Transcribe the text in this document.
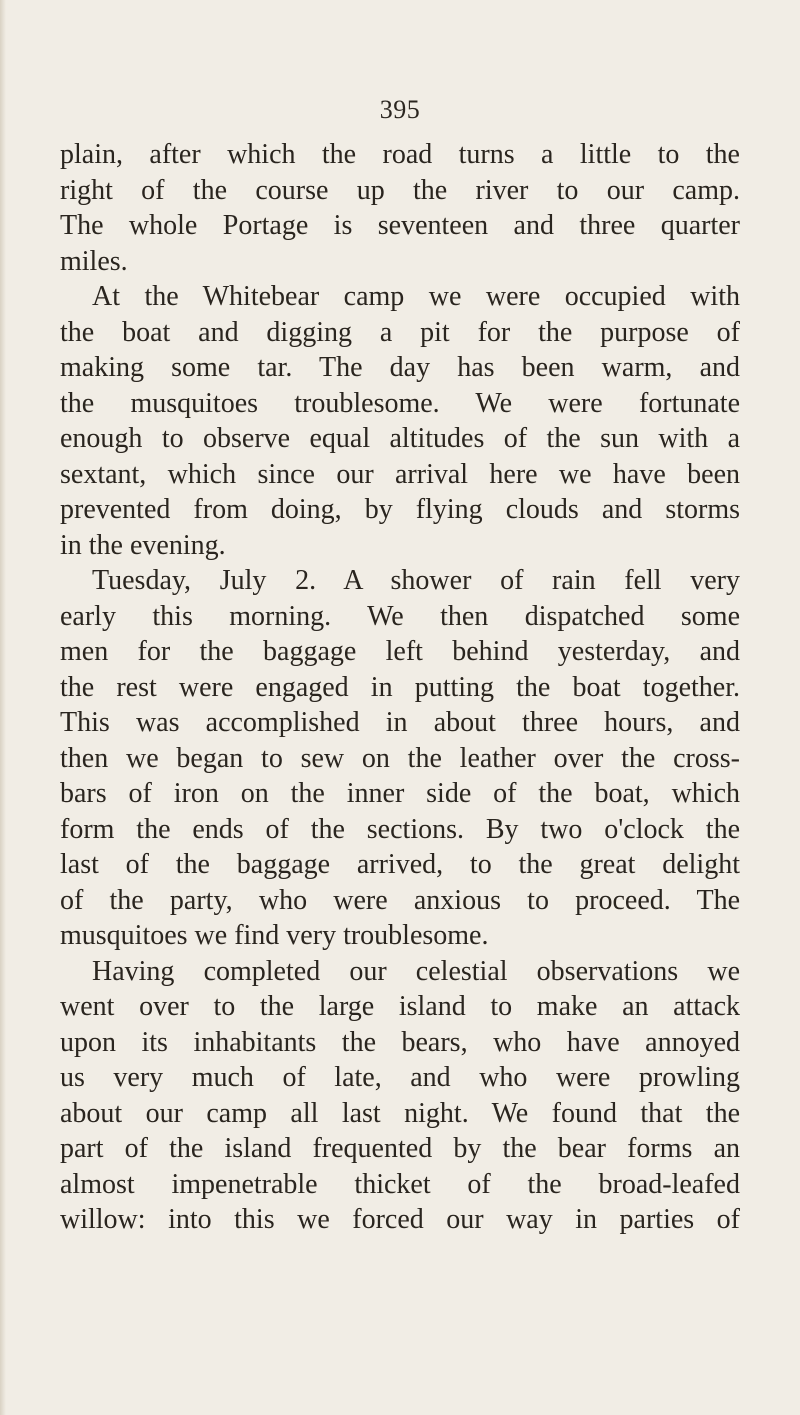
395
plain, after which the road turns a little to the
right of the course up the river to our camp.
The whole Portage is seventeen and three quarter
miles.
At the Whitebear camp we were occupied with
the boat and digging a pit for the purpose of
making some tar. The day has been warm, and
the musquitoes troublesome. We were fortunate
enough to observe equal altitudes of the sun with a
sextant, which since our arrival here we have been
prevented from doing, by flying clouds and storms
in the evening.
Tuesday, July 2. A shower of rain fell very
early this morning. We then dispatched some
men for the baggage left behind yesterday, and
the rest were engaged in putting the boat together.
This was accomplished in about three hours, and
then we began to sew on the leather over the cross-
bars of iron on the inner side of the boat, which
form the ends of the sections. By two o'clock the
last of the baggage arrived, to the great delight
of the party, who were anxious to proceed. The
musquitoes we find very troublesome.
Having completed our celestial observations we
went over to the large island to make an attack
upon its inhabitants the bears, who have annoyed
us very much of late, and who were prowling
about our camp all last night. We found that the
part of the island frequented by the bear forms an
almost impenetrable thicket of the broad-leafed
willow: into this we forced our way in parties of
